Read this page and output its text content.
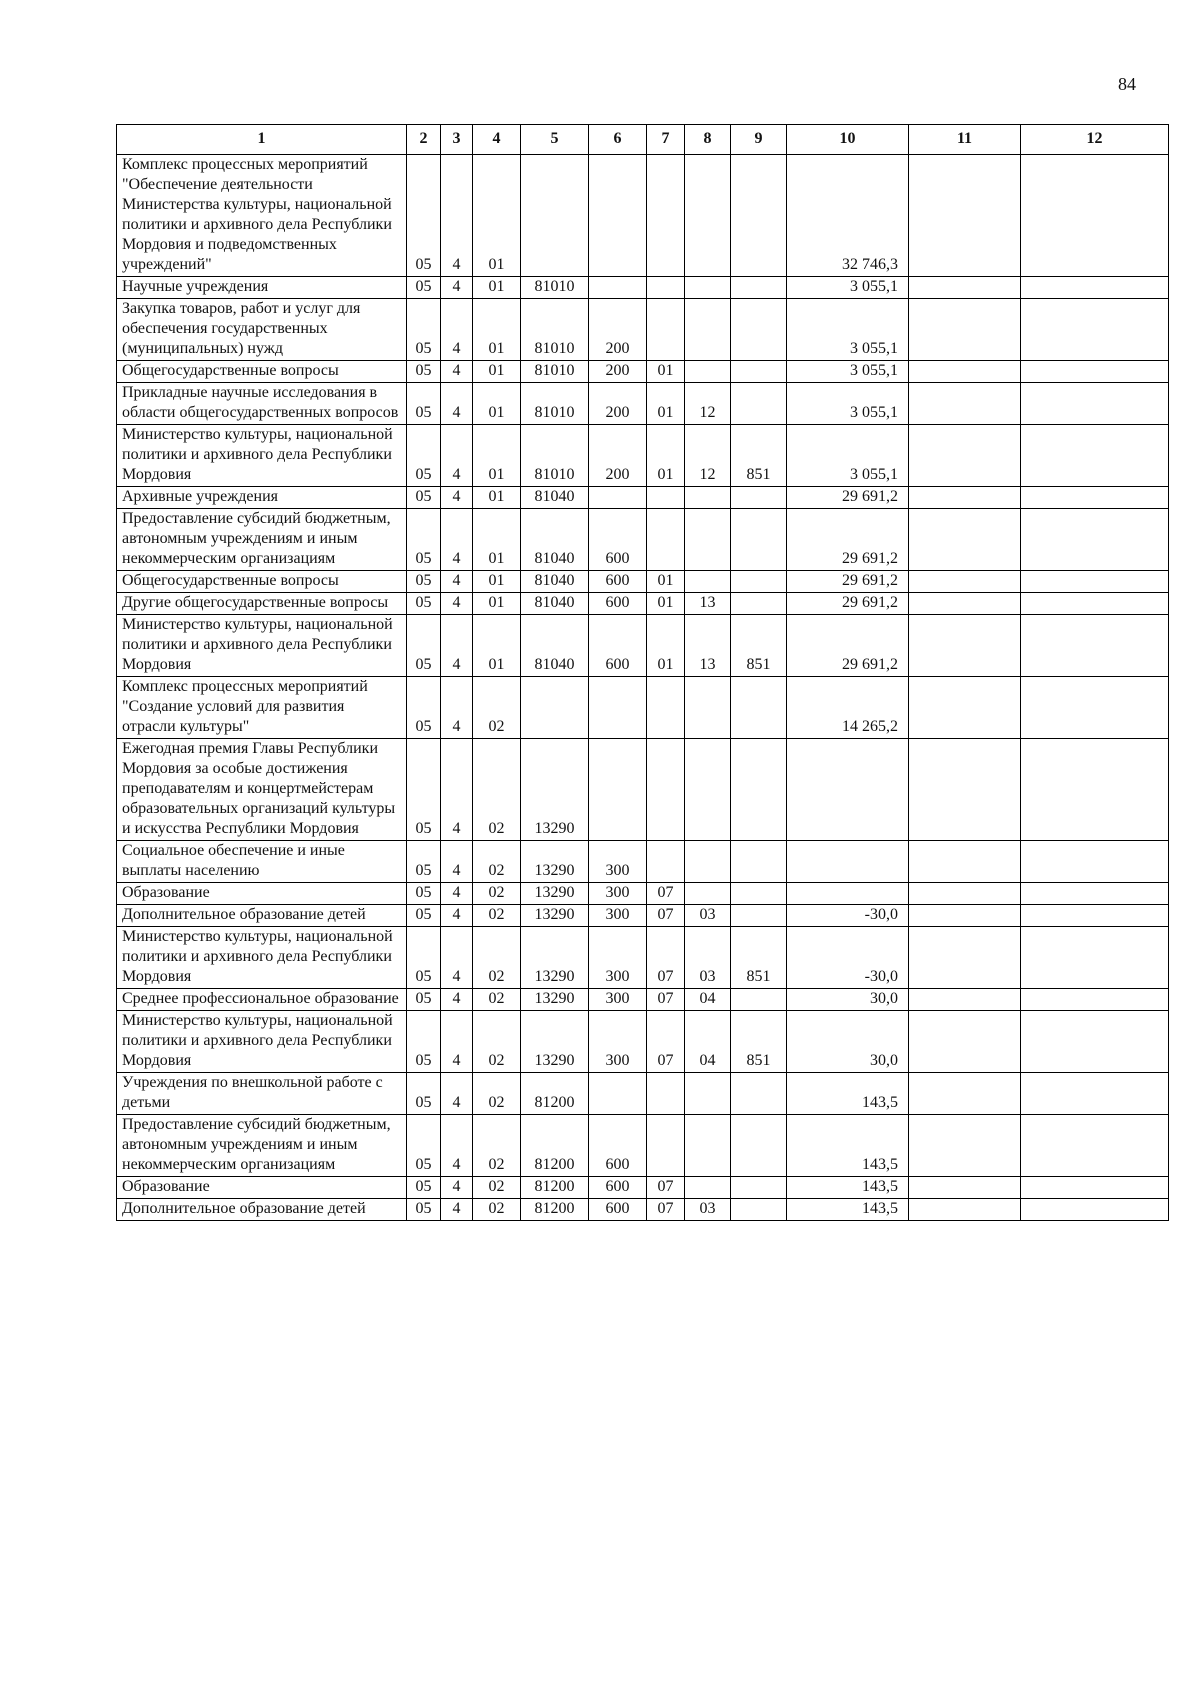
84
1	2	3	4	5	6	7	8	9	10	11	12
Комплекс процессных мероприятий "Обеспечение деятельности Министерства культуры, национальной политики и архивного дела Республики Мордовия и подведомственных учреждений"	05	4	01						32 746,3		
Научные учреждения	05	4	01	81010					3 055,1		
Закупка товаров, работ и услуг для обеспечения государственных (муниципальных) нужд	05	4	01	81010	200				3 055,1		
Общегосударственные вопросы	05	4	01	81010	200	01			3 055,1		
Прикладные научные исследования в области общегосударственных вопросов	05	4	01	81010	200	01	12		3 055,1		
Министерство культуры, национальной политики и архивного дела Республики Мордовия	05	4	01	81010	200	01	12	851	3 055,1		
Архивные учреждения	05	4	01	81040					29 691,2		
Предоставление субсидий бюджетным, автономным учреждениям и иным некоммерческим организациям	05	4	01	81040	600				29 691,2		
Общегосударственные вопросы	05	4	01	81040	600	01			29 691,2		
Другие общегосударственные вопросы	05	4	01	81040	600	01	13		29 691,2		
Министерство культуры, национальной политики и архивного дела Республики Мордовия	05	4	01	81040	600	01	13	851	29 691,2		
Комплекс процессных мероприятий "Создание условий для развития отрасли культуры"	05	4	02						14 265,2		
Ежегодная премия Главы Республики Мордовия за особые достижения преподавателям и концертмейстерам образовательных организаций культуры и искусства Республики Мордовия	05	4	02	13290							
Социальное обеспечение и иные выплаты населению	05	4	02	13290	300						
Образование	05	4	02	13290	300	07					
Дополнительное образование детей	05	4	02	13290	300	07	03		-30,0		
Министерство культуры, национальной политики и архивного дела Республики Мордовия	05	4	02	13290	300	07	03	851	-30,0		
Среднее профессиональное образование	05	4	02	13290	300	07	04		30,0		
Министерство культуры, национальной политики и архивного дела Республики Мордовия	05	4	02	13290	300	07	04	851	30,0		
Учреждения по внешкольной работе с детьми	05	4	02	81200					143,5		
Предоставление субсидий бюджетным, автономным учреждениям и иным некоммерческим организациям	05	4	02	81200	600				143,5		
Образование	05	4	02	81200	600	07			143,5		
Дополнительное образование детей	05	4	02	81200	600	07	03		143,5		
